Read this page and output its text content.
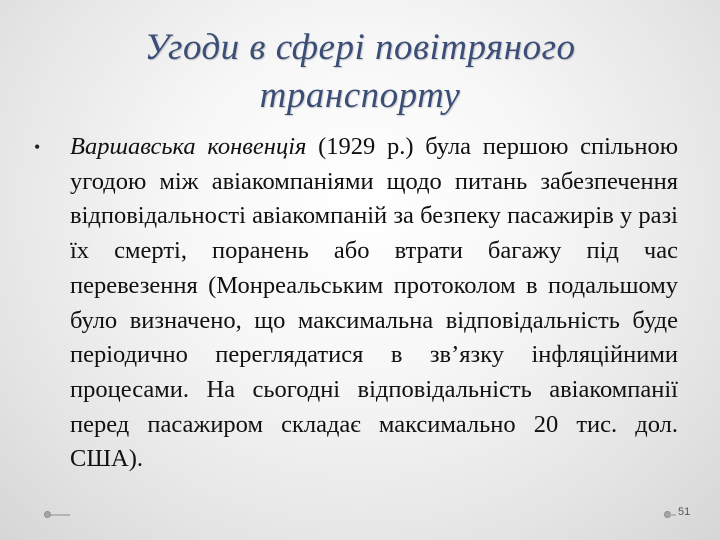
Угоди в сфері повітряного
транспорту
•	Варшавська конвенція (1929 р.) була першою спільною угодою між авіакомпаніями щодо питань забезпечення відповідальності авіакомпаній за безпеку пасажирів у разі їх смерті, поранень або втрати багажу під час перевезення (Монреальським протоколом в подальшому було визначено, що максимальна відповідальність буде періодично переглядатися в зв’язку інфляційними процесами. На сьогодні відповідальність авіакомпанії перед пасажиром складає максимально 20 тис. дол. США).
51
